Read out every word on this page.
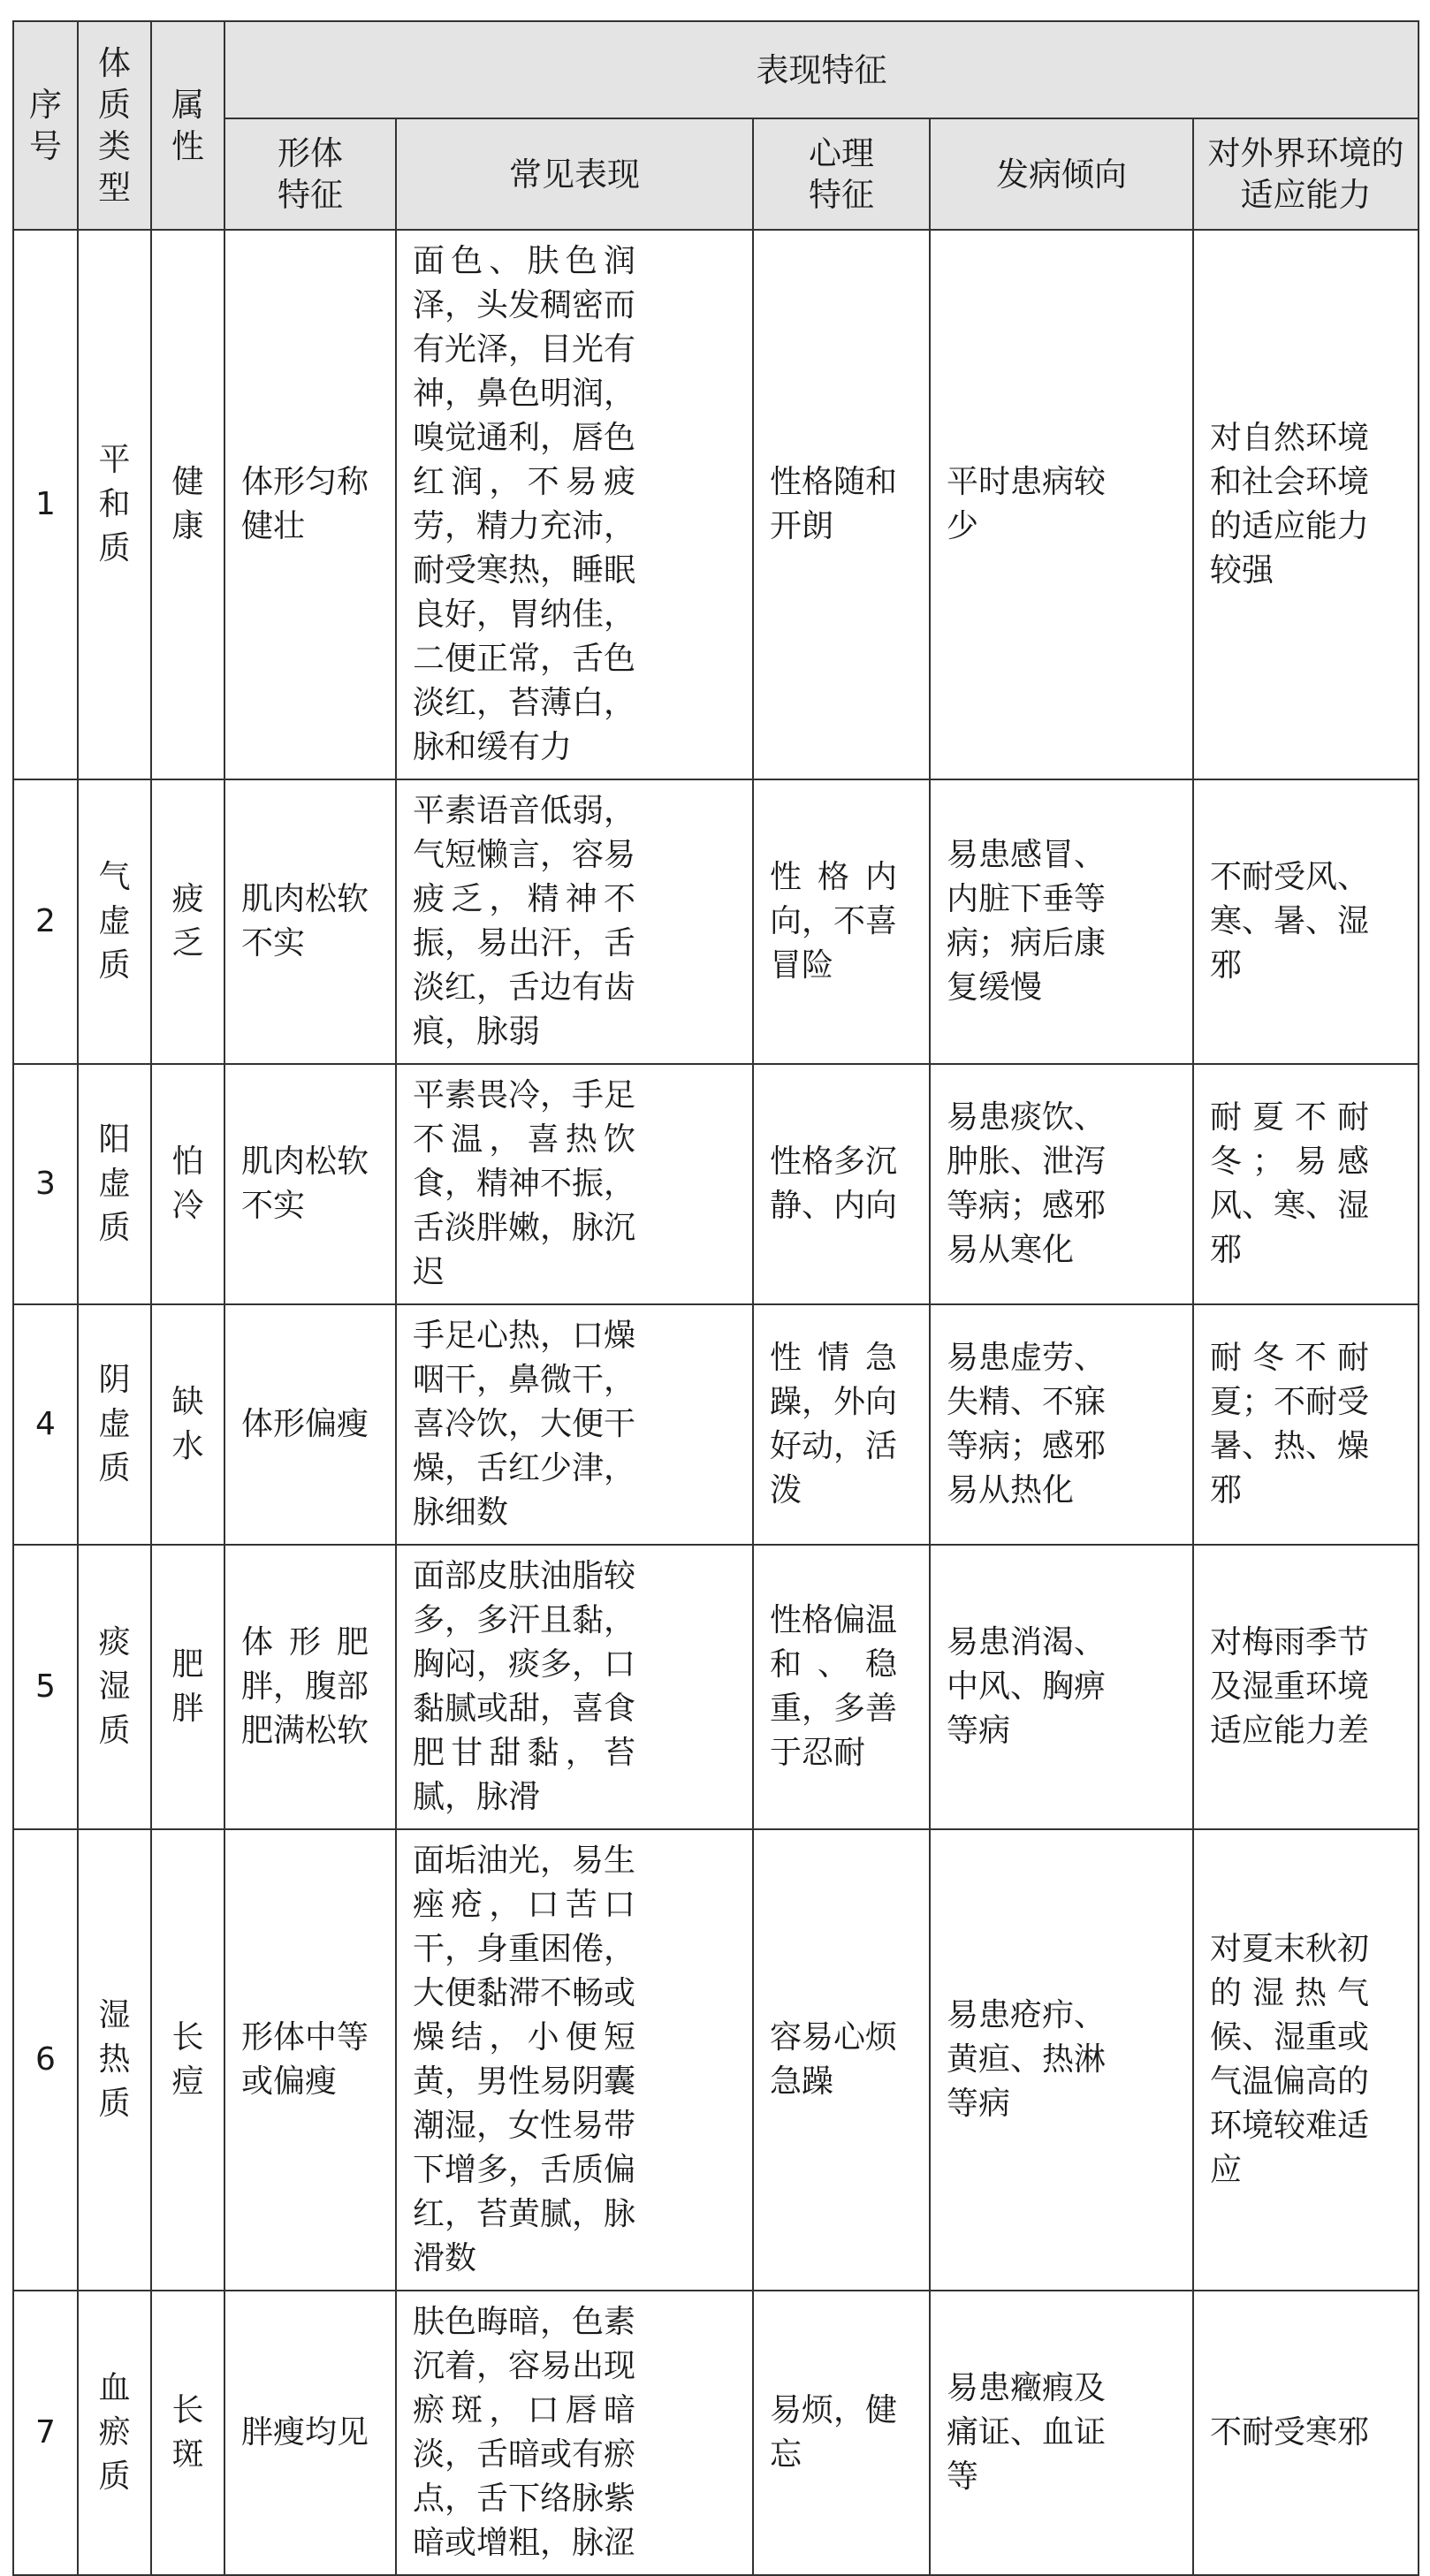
序号	体质类型	属性	表现特征				

			形体特征	常见表现	心理特征	发病倾向	对外界环境的适应能力

1	平和质	健康	体形匀称健壮	面色、肤色润泽，头发稠密而有光泽，目光有神，鼻色明润，嗅觉通利，唇色红润，不易疲劳，精力充沛，耐受寒热，睡眠良好，胃纳佳，二便正常，舌色淡红，苔薄白，脉和缓有力	性格随和开朗	平时患病较少	对自然环境和社会环境的适应能力较强

2	气虚质	疲乏	肌肉松软不实	平素语音低弱，气短懒言，容易疲乏，精神不振，易出汗，舌淡红，舌边有齿痕，脉弱	性格内向，不喜冒险	易患感冒、内脏下垂等病；病后康复缓慢	不耐受风、寒、暑、湿邪

3	阳虚质	怕冷	肌肉松软不实	平素畏冷，手足不温，喜热饮食，精神不振，舌淡胖嫩，脉沉迟	性格多沉静、内向	易患痰饮、肿胀、泄泻等病；感邪易从寒化	耐夏不耐冬；易感风、寒、湿邪

4	阴虚质	缺水	体形偏瘦	手足心热，口燥咽干，鼻微干，喜冷饮，大便干燥，舌红少津，脉细数	性情急躁，外向好动，活泼	易患虚劳、失精、不寐等病；感邪易从热化	耐冬不耐夏；不耐受暑、热、燥邪

5	痰湿质	肥胖	体形肥胖，腹部肥满松软	面部皮肤油脂较多，多汗且黏，胸闷，痰多，口黏腻或甜，喜食肥甘甜黏，苔腻，脉滑	性格偏温和、稳重，多善于忍耐	易患消渴、中风、胸痹等病	对梅雨季节及湿重环境适应能力差

6	湿热质	长痘	形体中等或偏瘦	面垢油光，易生痤疮，口苦口干，身重困倦，大便黏滞不畅或燥结，小便短黄，男性易阴囊潮湿，女性易带下增多，舌质偏红，苔黄腻，脉滑数	容易心烦急躁	易患疮疖、黄疸、热淋等病	对夏末秋初的湿热气候、湿重或气温偏高的环境较难适应

7	血瘀质	长斑	胖瘦均见	肤色晦暗，色素沉着，容易出现瘀斑，口唇暗淡，舌暗或有瘀点，舌下络脉紫暗或增粗，脉涩	易烦，健忘	易患癥瘕及痛证、血证等	不耐受寒邪
